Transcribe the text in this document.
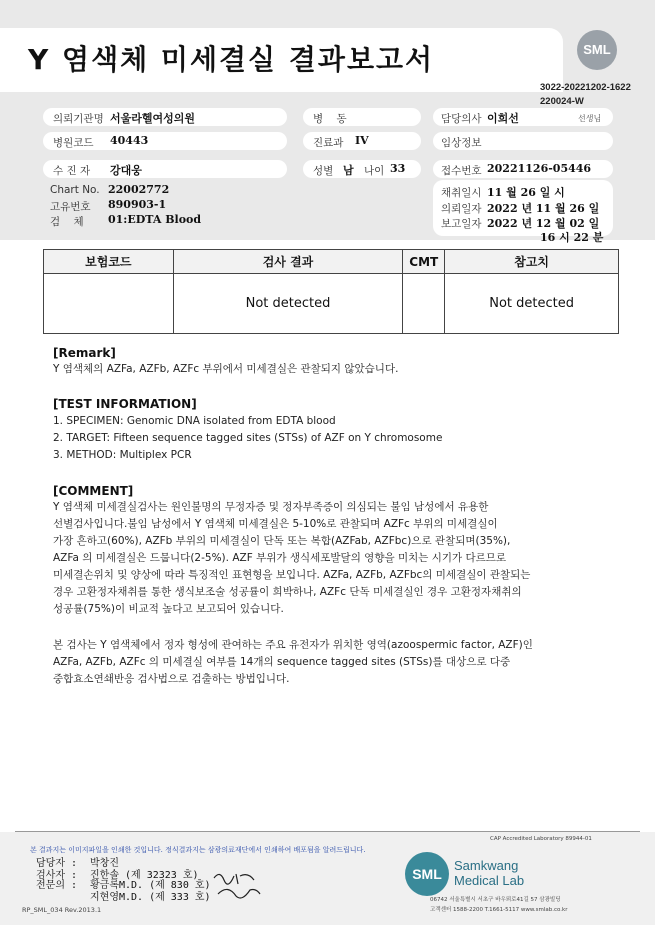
Y 염색체 미세결실 결과보고서	SML
3022-20221202-1622
220024-W
의뢰기관명 서울라헬여성의원
병원코드 40443
수 진 자 강대웅
Chart No. 22002772
고유번호 890903-1
검    체 01:EDTA Blood
병    동
진료과 IV
성별 남 나이 33
담당의사 이희선	선생님
임상정보
접수번호 20221126-05446
채취일시 11 월 26 일 시
의뢰일자 2022 년 11 월 26 일
보고일자 2022 년 12 월 02 일
16 시 22 분
보험코드	검사 결과	CMT	참고치
	Not detected		Not detected
[Remark]
Y 염색체의 AZFa, AZFb, AZFc 부위에서 미세결실은 관찰되지 않았습니다.
[TEST INFORMATION]
1. SPECIMEN: Genomic DNA isolated from EDTA blood
2. TARGET: Fifteen sequence tagged sites (STSs) of AZF on Y chromosome
3. METHOD: Multiplex PCR
[COMMENT]
Y 염색체 미세결실검사는 원인불명의 무정자증 및 정자부족증이 의심되는 불임 남성에서 유용한
선별검사입니다.불임 남성에서 Y 염색체 미세결실은 5-10%로 관찰되며 AZFc 부위의 미세결실이
가장 흔하고(60%), AZFb 부위의 미세결실이 단독 또는 복합(AZFab, AZFbc)으로 관찰되며(35%),
AZFa 의 미세결실은 드뭅니다(2-5%). AZF 부위가 생식세포발달의 영향을 미치는 시기가 다르므로
미세결손위치 및 양상에 따라 특징적인 표현형을 보입니다. AZFa, AZFb, AZFbc의 미세결실이 관찰되는
경우 고환정자채취를 통한 생식보조술 성공률이 희박하나, AZFc 단독 미세결실인 경우 고환정자채취의
성공률(75%)이 비교적 높다고 보고되어 있습니다.
본 검사는 Y 염색체에서 정자 형성에 관여하는 주요 유전자가 위치한 영역(azoospermic factor, AZF)인
AZFa, AZFb, AZFc 의 미세결실 여부를 14개의 sequence tagged sites (STSs)를 대상으로 다중
중합효소연쇄반응 검사법으로 검출하는 방법입니다.
CAP Accredited Laboratory 89944-01
본 결과지는 이미지파일을 인쇄한 것입니다. 정식결과지는 삼광의료재단에서 인쇄하여 배포됨을 알려드립니다.
담당자 : 박창진
검사자 : 진한솔 (제 32323 호)
전문의 : 황금록M.D. (제 830 호)
지현영M.D. (제 333 호)
SML
Samkwang
Medical Lab
06742 서울특별시 서초구 바우뫼로41길 57 삼광빌딩
고객센터 1588-2200 T.1661-5117 www.smlab.co.kr
RP_SML_034 Rev.2013.1
